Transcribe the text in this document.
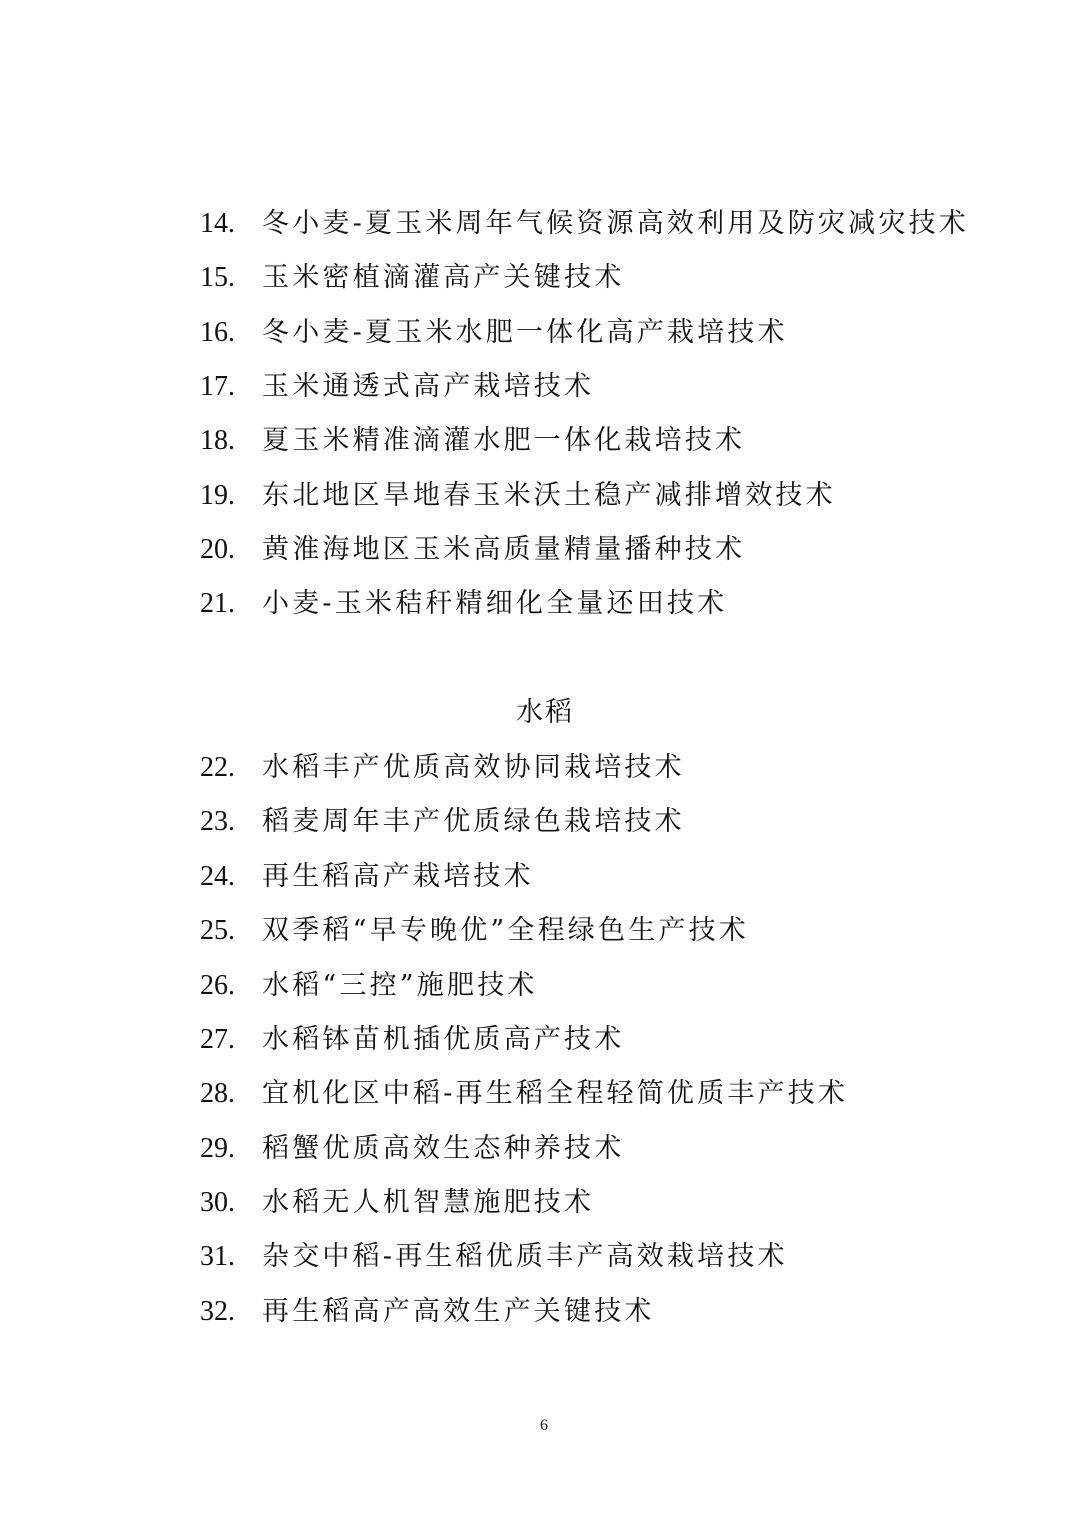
14.	冬小麦-夏玉米周年气候资源高效利用及防灾减灾技术
15.	玉米密植滴灌高产关键技术
16.	冬小麦-夏玉米水肥一体化高产栽培技术
17.	玉米通透式高产栽培技术
18.	夏玉米精准滴灌水肥一体化栽培技术
19.	东北地区旱地春玉米沃土稳产减排增效技术
20.	黄淮海地区玉米高质量精量播种技术
21.	小麦-玉米秸秆精细化全量还田技术
水稻
22.	水稻丰产优质高效协同栽培技术
23.	稻麦周年丰产优质绿色栽培技术
24.	再生稻高产栽培技术
25.	双季稻“早专晚优”全程绿色生产技术
26.	水稻“三控”施肥技术
27.	水稻钵苗机插优质高产技术
28.	宜机化区中稻-再生稻全程轻简优质丰产技术
29.	稻蟹优质高效生态种养技术
30.	水稻无人机智慧施肥技术
31.	杂交中稻-再生稻优质丰产高效栽培技术
32.	再生稻高产高效生产关键技术
6
